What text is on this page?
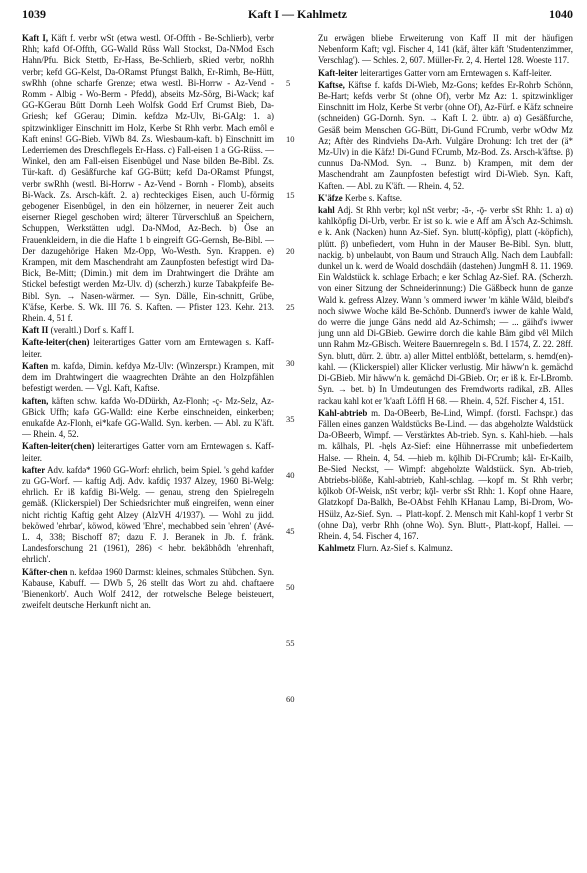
1039	Kaft I — Kahlmetz	1040

Kaft I, Käft f. verbr wSt (etwa westl. Of-Offth - Be-Schlierb), verbr Rhh; kafd Of-Offth, GG-Walld Rüss Wall Stockst, Da-NMod Esch Hahn/Pfu. Bick Stettb, Er-Hass, Be-Schlierb, sRied verbr, noRhh verbr; kefd GG-Kelst, Da-ORamst Pfungst Balkh, Er-Rimh, Be-Hütt, swRhh (ohne scharfe Grenze; etwa westl. Bi-Horrw - Az-Vend - Romm - Albig - Wo-Berm - Pfedd), abseits Mz-Sörg, Bi-Wack; kaf GG-KGerau Bütt Dornh Leeh Wolfsk Godd Erf Crumst Bieb, Da-Griesh; kef GGerau; Dimin. kefdzə Mz-Ulv, Bi-GAlg: 1. a) spitzwinkliger Einschnitt im Holz, Kerbe St Rhh verbr. Mach emôl e Kaft enins! GG-Bieb. ViWb 84. Zs. Wiesbaum-kaft. b) Einschnitt im Lederriemen des Dreschflegels Er-Hass. c) Fall-eisen 1 a GG-Rüss. — Winkel, den am Fall-eisen Eisenbügel und Nase bilden Be-Bibl. Zs. Tür-kaft. d) Gesäßfurche kaf GG-Bütt; kefd Da-ORamst Pfungst, verbr swRhh (westl. Bi-Horrw - Az-Vend - Bornh - Flomb), abseits Bi-Wack. Zs. Arsch-käft. 2. a) rechteckiges Eisen, auch U-förmig gebogener Eisenbügel, in den ein hölzerner, in neuerer Zeit auch eiserner Riegel geschoben wird; älterer Türverschluß an Speichern, Schuppen, Werkstätten udgl. Da-NMod, Az-Bech. b) Öse an Frauenkleidern, in die die Hafte 1 b eingreift GG-Gernsh, Be-Bibl. — Der dazugehörige Haken Mz-Opp, Wo-Westh. Syn. Krappen. e) Krampen, mit dem Maschendraht am Zaunpfosten befestigt wird Da-Bick, Be-Mitt; (Dimin.) mit dem im Drahtwingert die Drähte am Stickel befestigt werden Mz-Ulv. d) (scherzh.) kurze Tabakpfeife Be-Bibl. Syn. → Nasen-wärmer. — Syn. Dälle, Ein-schnitt, Grübe, K'äfse, Kerbe. S. Wk. III 76. S. Kaften. — Pfister 123. Kehr. 213. Rhein. 4, 51 f.

Kaft II (veraltl.) Dorf s. Kaff I.

Kafte-leiter(chen) leiterartiges Gatter vorn am Erntewagen s. Kaff-leiter.

Kaften m. kafdə, Dimin. kefdyə Mz-Ulv: (Winzerspr.) Krampen, mit dem im Drahtwingert die waagrechten Drähte an den Holzpfählen befestigt werden. — Vgl. Kaft, Kaftse.

kaften, käften schw. kafdə Wo-DDürkh, Az-Flonh; -ç- Mz-Selz, Az-GBick Uffh; kafə GG-Walld: eine Kerbe einschneiden, einkerben; enukafde Az-Flonh, ei*kafe GG-Walld. Syn. kerben. — Abl. zu K'äft. — Rhein. 4, 52.

Kaften-leiter(chen) leiterartiges Gatter vorn am Erntewagen s. Kaff-leiter.

kafter Adv. kafdə* 1960 GG-Worf: ehrlich, beim Spiel. 's gehd kafder zu GG-Worf. — kaftig Adj. Adv. kafdiç 1937 Alzey, 1960 Bi-Welg: ehrlich. Er iß kafdig Bi-Welg. — genau, streng den Spielregeln gemäß. (Klickerspiel) Der Schiedsrichter muß eingreifen, wenn einer nicht richtig Kaftig geht Alzey (AlzVH 4/1937). — Wohl zu jidd. beköwed 'ehrbar', köwod, köwed 'Ehre', mechabbed sein 'ehren' (Avé-L. 4, 338; Bischoff 87; dazu F. J. Beranek in Jb. f. fränk. Landesforschung 21 (1961), 286) < hebr. bekâbhôdh 'ehrenhaft, ehrlich'.

Käfter-chen n. kefdəə 1960 Darmst: kleines, schmales Stübchen. Syn. Kabause, Kabuff. — DWb 5, 26 stellt das Wort zu ahd. chaftaere 'Bienenkorb'. Auch Wolf 2412, der rotwelsche Belege beisteuert, zweifelt deutsche Herkunft nicht an.

5
10
15
20
25
30
35
40
45
50
55
60

Zu erwägen bliebe Erweiterung von Kaff II mit der häufigen Nebenform Kaft; vgl. Fischer 4, 141 (käf, älter käft 'Studentenzimmer, Verschlag'). — Schles. 2, 607. Müller-Fr. 2, 4. Hertel 128. Woeste 117.

Kaft-leiter leiterartiges Gatter vorn am Erntewagen s. Kaff-leiter.

Kaftse, Käftse f. kafds Di-Wieb, Mz-Gons; kefdes Er-Rohrb Schönn, Be-Hart; kefds verbr St (ohne Of), verbr Mz Az: 1. spitzwinkliger Einschnitt im Holz, Kerbe St verbr (ohne Of), Az-Fürf. e Käfz schneire (schneiden) GG-Dornh. Syn. → Kaft I. 2. übtr. a) α) Gesäßfurche, Gesäß beim Menschen GG-Bütt, Di-Gund FCrumb, verbr wOdw Mz Az; Aftèr des Rindviehs Da-Arh. Vulgäre Drohung: Ich tret der (ä* Mz-Ulv) in die Käfz! Di-Gund FCrumb, Mz-Bod. Zs. Arsch-k'äftse. β) cunnus Da-NMod. Syn. → Bunz. b) Krampen, mit dem der Maschendraht am Zaunpfosten befestigt wird Di-Wieb. Syn. Kaft, Kaften. — Abl. zu K'äft. — Rhein. 4, 52.

K'äfze Kerbe s. Kaftse.

kahl Adj. St Rhh verbr; kǫl nSt verbr; -ā-, -ǭ- verbr sSt Rhh: 1. a) α) kahlköpfig Di-Urb, verbr. Er ist so k. wie e Aff am Ä'sch Az-Schimsh. e k. Ank (Nacken) hunn Az-Sief. Syn. blutt(-köpfig), platt (-köpfich), plütt. β) unbefiedert, vom Huhn in der Mauser Be-Bibl. Syn. blutt, nackig. b) unbelaubt, von Baum und Strauch Allg. Nach dem Laubfall: dunkel un k. werd de Woald doschdäih (dastehen) JungmH 8. 11. 1969. Ein Waldstück k. schlage Erbach; e ker Schlag Az-Sief. RA. (Scherzh. von einer Sitzung der Schneiderinnung:) Die Gäßbeck hunn de ganze Wald k. gefress Alzey. Wann 's ommerd iwwer 'm kähle Wåld, bleibd's noch siwwe Woche käld Be-Schönb. Dunnerd's iwwer de kahle Wald, do werre die junge Gäns nedd ald Az-Schimsh; — ... gäihd's iwwer jung unn ald Di-GBieb. Gewirre dorch die kahle Bäm gibd vêl Milch unn Rahm Mz-GBisch. Weitere Bauernregeln s. Bd. I 1574, Z. 22. 28ff. Syn. blutt, dürr. 2. übtr. a) aller Mittel entblößt, bettelarm, s. hemd(en)-kahl. — (Klickerspiel) aller Klicker verlustig. Mir häww'n k. gemächd Di-GBieb. Mir häww'n k. gemächd Di-GBieb. Or; er iß k. Er-LBromb. Syn. → bet. b) In Umdeutungen des Fremdworts radikal, zB. Alles rackau kahl kot er 'k'aaft Löffl H 68. — Rhein. 4, 52f. Fischer 4, 151.

Kahl-abtrieb m. Da-OBeerb, Be-Lind, Wimpf. (forstl. Fachspr.) das Fällen eines ganzen Waldstücks Be-Lind. — das abgeholzte Waldstück Da-OBeerb, Wimpf. — Verstärktes Ab-trieb. Syn. s. Kahl-hieb. —hals m. kålhals, Pl. -hęls Az-Sief: eine Hühnerrasse mit unbefiedertem Halse. — Rhein. 4, 54. —hieb m. kǭlhib Di-FCrumb; kål- Er-Kailb, Be-Sied Neckst, — Wimpf: abgeholzte Waldstück. Syn. Ab-trieb, Abtriebs-blöße, Kahl-abtrieb, Kahl-schlag. —kopf m. St Rhh verbr; kǭlkob Of-Weisk, nSt verbr; kǭl- verbr sSt Rhh: 1. Kopf ohne Haare, Glatzkopf Da-Balkh, Be-OAbst Fehlh KHanau Lamp, Bi-Drom, Wo-HSülz, Az-Sief. Syn. → Platt-kopf. 2. Mensch mit Kahl-kopf 1 verbr St (ohne Da), verbr Rhh (ohne Wo). Syn. Blutt-, Platt-kopf, Hallei. — Rhein. 4, 54. Fischer 4, 167.

Kahlmetz Flurn. Az-Sief s. Kalmunz.
